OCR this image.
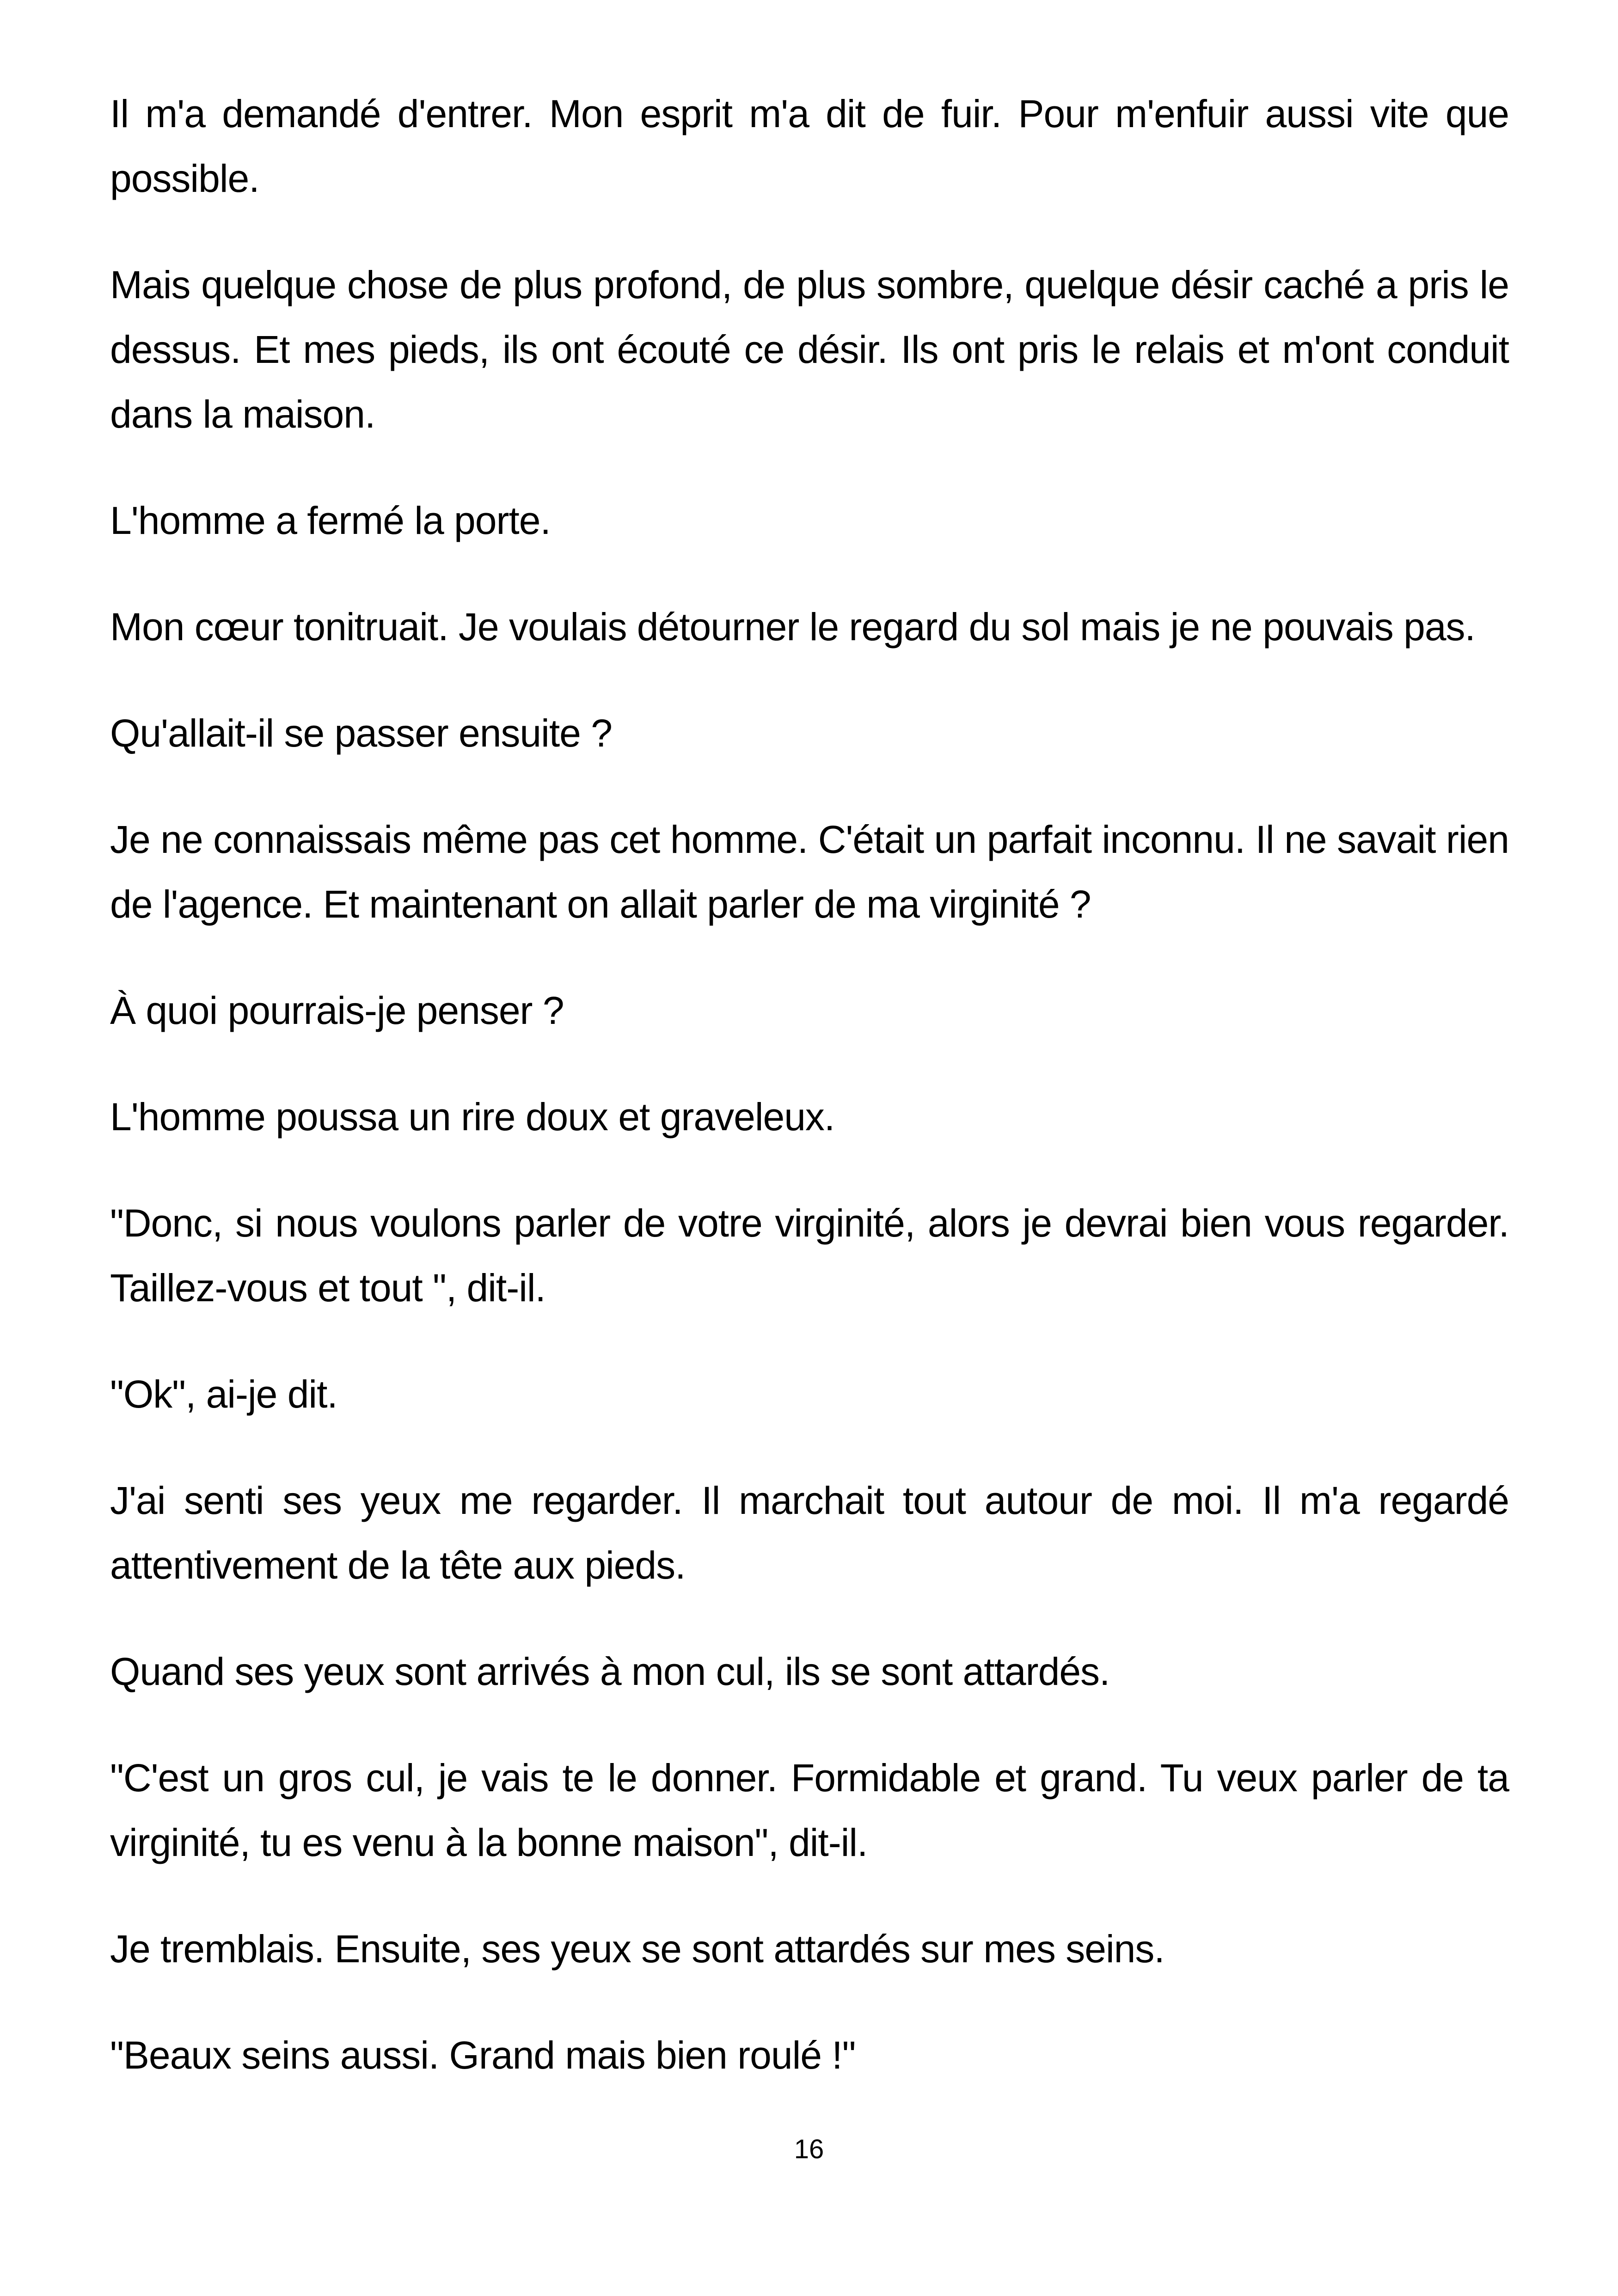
Il m'a demandé d'entrer. Mon esprit m'a dit de fuir. Pour m'enfuir aussi vite que possible.

Mais quelque chose de plus profond, de plus sombre, quelque désir caché a pris le dessus. Et mes pieds, ils ont écouté ce désir. Ils ont pris le relais et m'ont conduit dans la maison.

L'homme a fermé la porte.

Mon cœur tonitruait. Je voulais détourner le regard du sol mais je ne pouvais pas.

Qu'allait-il se passer ensuite ?

Je ne connaissais même pas cet homme. C'était un parfait inconnu. Il ne savait rien de l'agence. Et maintenant on allait parler de ma virginité ?

À quoi pourrais-je penser ?

L'homme poussa un rire doux et graveleux.

"Donc, si nous voulons parler de votre virginité, alors je devrai bien vous regarder. Taillez-vous et tout ", dit-il.

"Ok", ai-je dit.

J'ai senti ses yeux me regarder. Il marchait tout autour de moi. Il m'a regardé attentivement de la tête aux pieds.

Quand ses yeux sont arrivés à mon cul, ils se sont attardés.

"C'est un gros cul, je vais te le donner. Formidable et grand. Tu veux parler de ta virginité, tu es venu à la bonne maison", dit-il.

Je tremblais. Ensuite, ses yeux se sont attardés sur mes seins.

"Beaux seins aussi. Grand mais bien roulé !"

16
